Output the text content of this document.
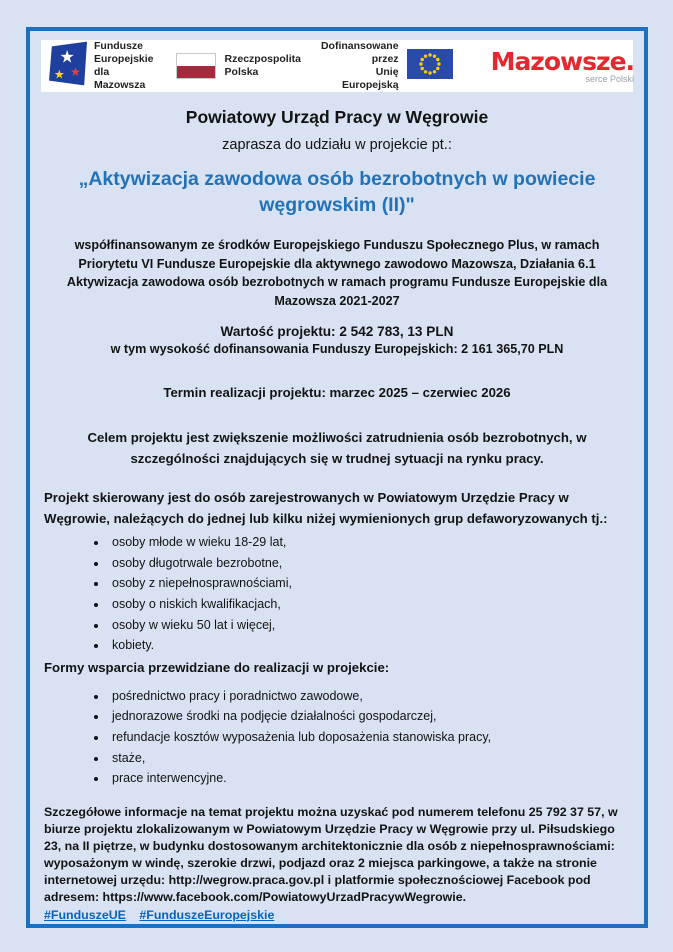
★
★ ★
Fundusze Europejskie
dla Mazowsza
Rzeczpospolita
Polska
Dofinansowane przez
Unię Europejską
Mazowsze.
serce Polski
Powiatowy Urząd Pracy w Węgrowie
zaprasza do udziału w projekcie pt.:
„Aktywizacja zawodowa osób bezrobotnych w powiecie węgrowskim (II)"
współfinansowanym ze środków Europejskiego Funduszu Społecznego Plus, w ramach Priorytetu VI Fundusze Europejskie dla aktywnego zawodowo Mazowsza, Działania 6.1 Aktywizacja zawodowa osób bezrobotnych w ramach programu Fundusze Europejskie dla Mazowsza 2021-2027
Wartość projektu: 2 542 783, 13 PLN
w tym wysokość dofinansowania Funduszy Europejskich: 2 161 365,70 PLN
Termin realizacji projektu: marzec 2025 – czerwiec 2026
Celem projektu jest zwiększenie możliwości zatrudnienia osób bezrobotnych, w szczególności znajdujących się w trudnej sytuacji na rynku pracy.
Projekt skierowany jest do osób zarejestrowanych w Powiatowym Urzędzie Pracy w Węgrowie, należących do jednej lub kilku niżej wymienionych grup defaworyzowanych tj.:
• osoby młode w wieku 18-29 lat,
• osoby długotrwale bezrobotne,
• osoby z niepełnosprawnościami,
• osoby o niskich kwalifikacjach,
• osoby w wieku 50 lat i więcej,
• kobiety.
Formy wsparcia przewidziane do realizacji w projekcie:
• pośrednictwo pracy i poradnictwo zawodowe,
• jednorazowe środki na podjęcie działalności gospodarczej,
• refundacje kosztów wyposażenia lub doposażenia stanowiska pracy,
• staże,
• prace interwencyjne.
Szczegółowe informacje na temat projektu można uzyskać pod numerem telefonu 25 792 37 57, w biurze projektu zlokalizowanym w Powiatowym Urzędzie Pracy w Węgrowie przy ul. Piłsudskiego 23, na II piętrze, w budynku dostosowanym architektonicznie dla osób z niepełnosprawnościami: wyposażonym w windę, szerokie drzwi, podjazd oraz 2 miejsca parkingowe, a także na stronie internetowej urzędu: http://wegrow.praca.gov.pl i platformie społecznościowej Facebook pod adresem: https://www.facebook.com/PowiatowyUrzadPracywWegrowie.
#FunduszeUE #FunduszeEuropejskie
